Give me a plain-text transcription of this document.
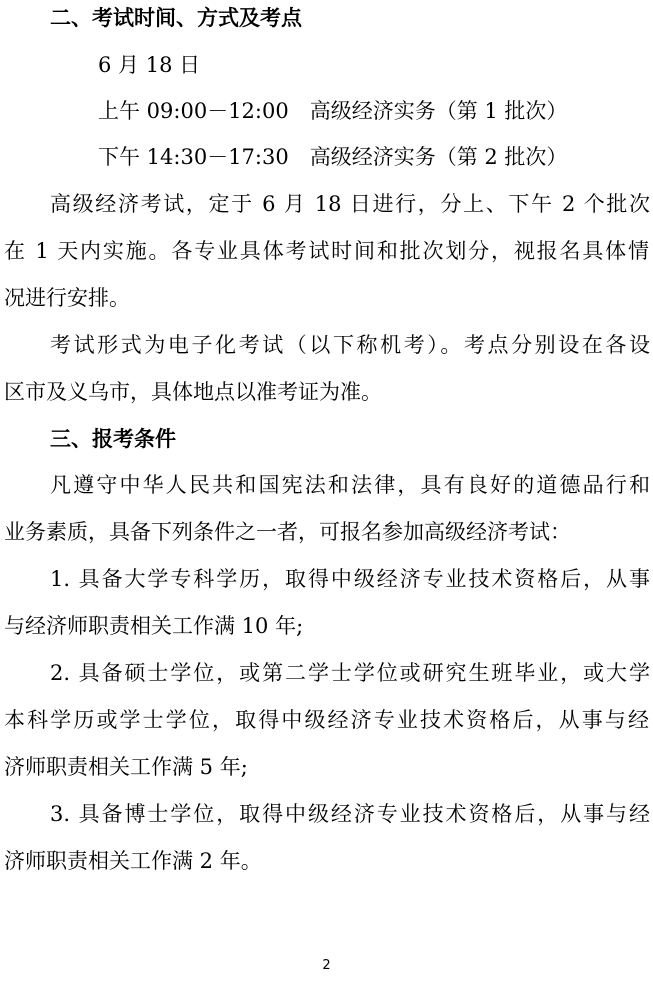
二、考试时间、方式及考点
6 月 18 日
上午 09:00－12:00　高级经济实务（第 1 批次）
下午 14:30－17:30　高级经济实务（第 2 批次）
高级经济考试，定于 6 月 18 日进行，分上、下午 2 个批次
在 1 天内实施。各专业具体考试时间和批次划分，视报名具体情
况进行安排。
考试形式为电子化考试（以下称机考）。考点分别设在各设
区市及义乌市，具体地点以准考证为准。
三、报考条件
凡遵守中华人民共和国宪法和法律，具有良好的道德品行和
业务素质，具备下列条件之一者，可报名参加高级经济考试：
1. 具备大学专科学历，取得中级经济专业技术资格后，从事
与经济师职责相关工作满 10 年;
2. 具备硕士学位，或第二学士学位或研究生班毕业，或大学
本科学历或学士学位，取得中级经济专业技术资格后，从事与经
济师职责相关工作满 5 年;
3. 具备博士学位，取得中级经济专业技术资格后，从事与经
济师职责相关工作满 2 年。
2
